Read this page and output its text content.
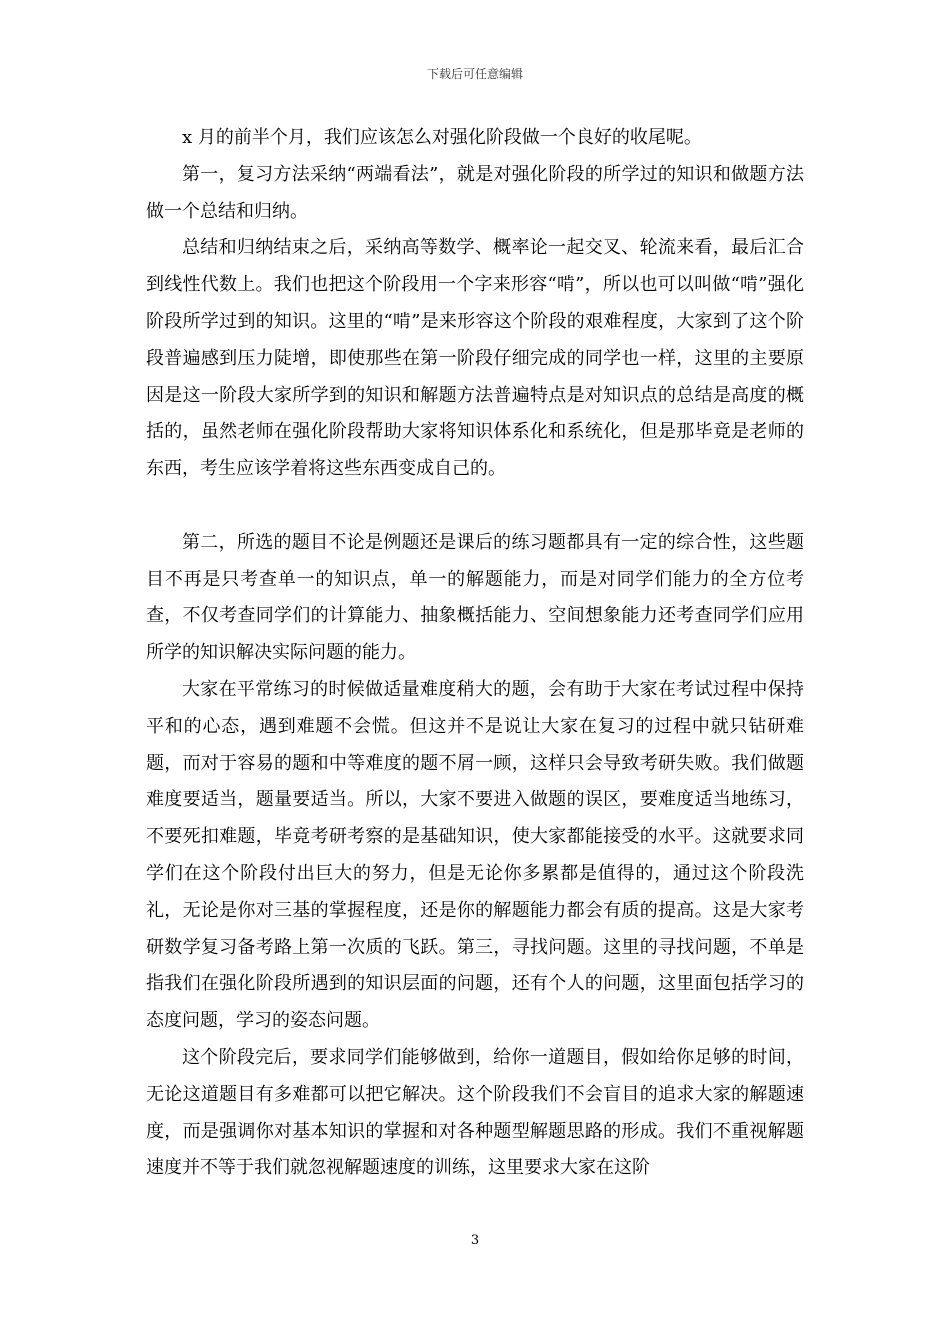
下载后可任意编辑

x 月的前半个月，我们应该怎么对强化阶段做一个良好的收尾呢。

第一，复习方法采纳“两端看法”，就是对强化阶段的所学过的知识和做题方法做一个总结和归纳。

总结和归纳结束之后，采纳高等数学、概率论一起交叉、轮流来看，最后汇合到线性代数上。我们也把这个阶段用一个字来形容“啃”，所以也可以叫做“啃”强化阶段所学过到的知识。这里的“啃”是来形容这个阶段的艰难程度，大家到了这个阶段普遍感到压力陡增，即使那些在第一阶段仔细完成的同学也一样，这里的主要原因是这一阶段大家所学到的知识和解题方法普遍特点是对知识点的总结是高度的概括的，虽然老师在强化阶段帮助大家将知识体系化和系统化，但是那毕竟是老师的东西，考生应该学着将这些东西变成自己的。

第二，所选的题目不论是例题还是课后的练习题都具有一定的综合性，这些题目不再是只考查单一的知识点，单一的解题能力，而是对同学们能力的全方位考查，不仅考查同学们的计算能力、抽象概括能力、空间想象能力还考查同学们应用所学的知识解决实际问题的能力。

大家在平常练习的时候做适量难度稍大的题，会有助于大家在考试过程中保持平和的心态，遇到难题不会慌。但这并不是说让大家在复习的过程中就只钻研难题，而对于容易的题和中等难度的题不屑一顾，这样只会导致考研失败。我们做题难度要适当，题量要适当。所以，大家不要进入做题的误区，要难度适当地练习，不要死扣难题，毕竟考研考察的是基础知识，使大家都能接受的水平。这就要求同学们在这个阶段付出巨大的努力，但是无论你多累都是值得的，通过这个阶段洗礼，无论是你对三基的掌握程度，还是你的解题能力都会有质的提高。这是大家考研数学复习备考路上第一次质的飞跃。第三，寻找问题。这里的寻找问题，不单是指我们在强化阶段所遇到的知识层面的问题，还有个人的问题，这里面包括学习的态度问题，学习的姿态问题。

这个阶段完后，要求同学们能够做到，给你一道题目，假如给你足够的时间，无论这道题目有多难都可以把它解决。这个阶段我们不会盲目的追求大家的解题速度，而是强调你对基本知识的掌握和对各种题型解题思路的形成。我们不重视解题速度并不等于我们就忽视解题速度的训练，这里要求大家在这阶

3
